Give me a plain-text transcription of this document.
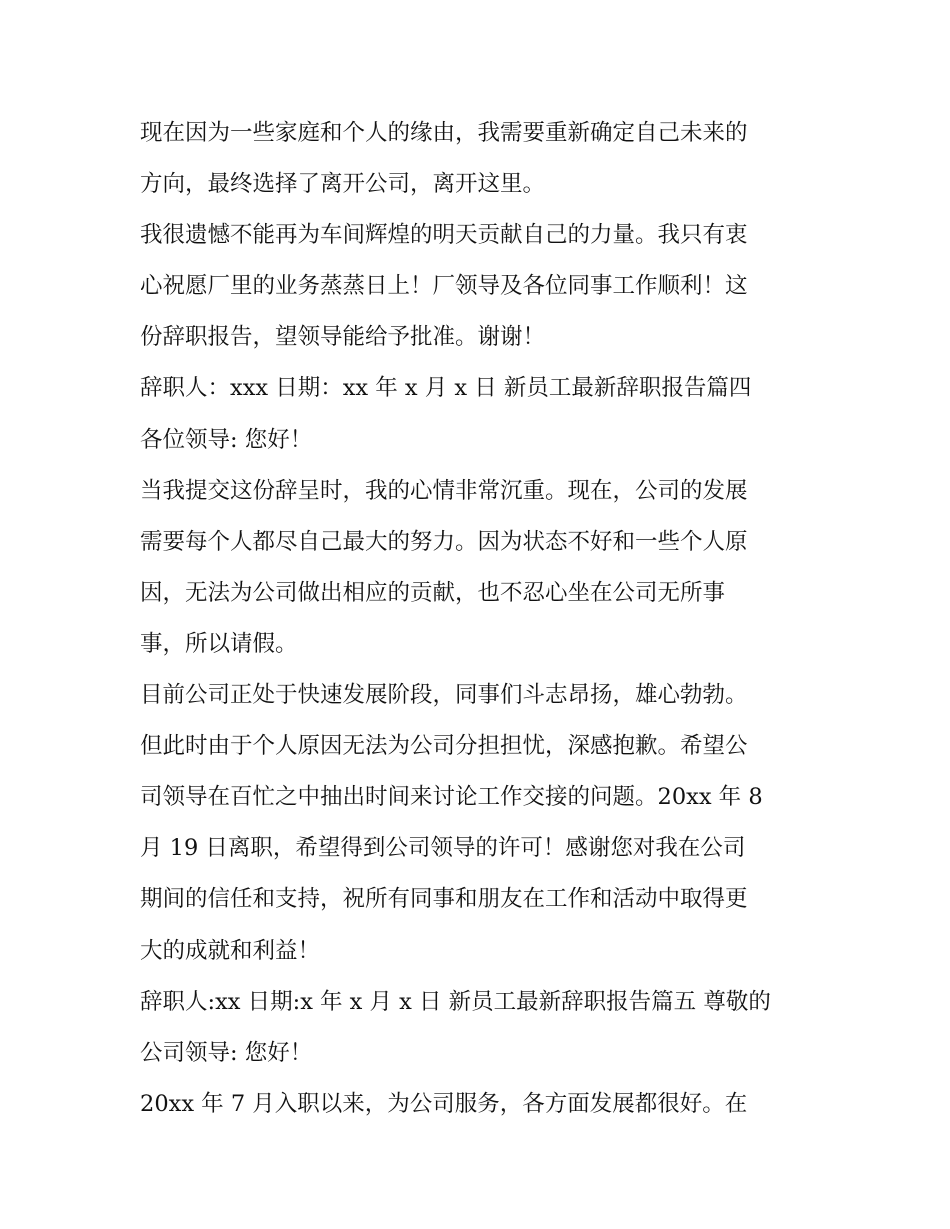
现在因为一些家庭和个人的缘由，我需要重新确定自己未来的
方向，最终选择了离开公司，离开这里。
我很遗憾不能再为车间辉煌的明天贡献自己的力量。我只有衷
心祝愿厂里的业务蒸蒸日上！厂领导及各位同事工作顺利！这
份辞职报告，望领导能给予批准。谢谢！
辞职人：xxx 日期：xx 年 x 月 x 日 新员工最新辞职报告篇四
各位领导: 您好！
当我提交这份辞呈时，我的心情非常沉重。现在，公司的发展
需要每个人都尽自己最大的努力。因为状态不好和一些个人原
因，无法为公司做出相应的贡献，也不忍心坐在公司无所事
事，所以请假。
目前公司正处于快速发展阶段，同事们斗志昂扬，雄心勃勃。
但此时由于个人原因无法为公司分担担忧，深感抱歉。希望公
司领导在百忙之中抽出时间来讨论工作交接的问题。20xx 年 8
月 19 日离职，希望得到公司领导的许可！感谢您对我在公司
期间的信任和支持，祝所有同事和朋友在工作和活动中取得更
大的成就和利益！
辞职人:xx 日期:x 年 x 月 x 日 新员工最新辞职报告篇五 尊敬的
公司领导: 您好！
20xx 年 7 月入职以来，为公司服务，各方面发展都很好。在
